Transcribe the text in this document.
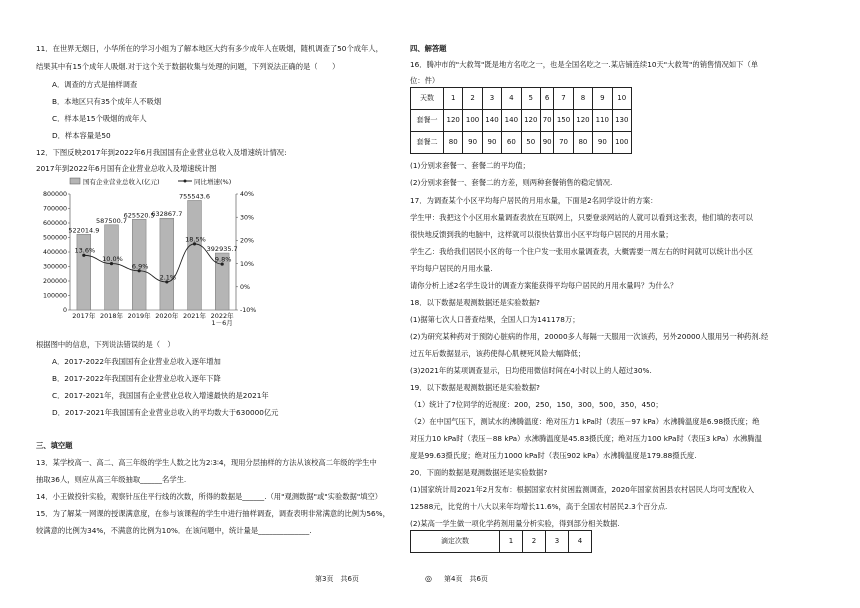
11．在世界无烟日，小华所在的学习小组为了解本地区大约有多少成年人在吸烟，随机调查了50个成年人，
结果其中有15个成年人吸烟.对于这个关于数据收集与处理的问题，下列说法正确的是（　　）
A．调查的方式是抽样调查
B．本地区只有35个成年人不吸烟
C．样本是15个吸烟的成年人
D．样本容量是50
12．下图反映2017年到2022年6月我国国有企业营业总收入及增速统计情况:
2017年到2022年6月国有企业营业总收入及增速统计图
国有企业营业总收入(亿元)	同比增速(%)
800000
700000
600000
500000
400000
300000
200000
100000
0
40%
30%
20%
10%
0%
-10%
522014.9
2017年
587500.7
2018年
625520.5
2019年
632867.7
2020年
755543.6
2021年
392935.7
2022年
1－6月
13.6%
10.0%
6.9%
2.1%
18.5%
9.8%
根据图中的信息，下列说法错误的是（　）
A．2017-2022年我国国有企业营业总收入逐年增加
B．2017-2022年我国国有企业营业总收入逐年下降
C．2017-2021年，我国国有企业营业总收入增速最快的是2021年
D．2017-2021年我国国有企业营业总收入的平均数大于630000亿元
三、填空题
13．某学校高一、高二、高三年级的学生人数之比为2∶3∶4，现用分层抽样的方法从该校高二年级的学生中
抽取36人，则应从高三年级抽取______名学生.
14．小王做投针实验，观察针压住平行线的次数，所得的数据是______.（用"观测数据"或"实验数据"填空）
15．为了解某一网课的授课满意度，在参与该课程的学生中进行抽样调查，调查表明非常满意的比例为56%，
较满意的比例为34%，不满意的比例为10%．在该问题中，统计量是______________.
第3页　共6页
四、解答题
16．腾冲市的"大救驾"既是地方名吃之一，也是全国名吃之一.某店铺连续10天"大救驾"的销售情况如下（单
位：件）
天数	1	2	3	4	5	6	7	8	9	10
套餐一	120	100	140	140	120	70	150	120	110	130
套餐二	80	90	90	60	50	90	70	80	90	100
(1)分别求套餐一、套餐二的平均值；
(2)分别求套餐一、套餐二的方差，则两种套餐销售的稳定情况.
17．为调查某个小区平均每户居民的月用水量，下面是2名同学设计的方案：
学生甲：我把这个小区用水量调查表放在互联网上，只要登录网站的人就可以看到这张表，他们填的表可以
很快地反馈到我的电脑中，这样就可以很快估算出小区平均每户居民的月用水量；
学生乙：我给我们居民小区的每一个住户发一张用水量调查表，大概需要一周左右的时间就可以统计出小区
平均每户居民的月用水量.
请你分析上述2名学生设计的调查方案能获得平均每户居民的月用水量吗？为什么？
18．以下数据是观测数据还是实验数据?
(1)据第七次人口普查结果，全国人口为141178万；
(2)为研究某种药对于预防心脏病的作用，20000多人每隔一天服用一次该药，另外20000人服用另一种药剂.经
过五年后数据显示，该药使得心肌梗死风险大幅降低；
(3)2021年的某项调查显示，日均使用微信时间在4小时以上的人超过30%.
19．以下数据是观测数据还是实验数据?
（1）统计了7位同学的近视度：200，250，150，300，500，350，450；
（2）在中国气压下，测试水的沸腾温度：绝对压力1 kPa时（表压－97 kPa）水沸腾温度是6.98摄氏度；绝
对压力10 kPa时（表压－88 kPa）水沸腾温度是45.83摄氏度；绝对压力100 kPa时（表压3 kPa）水沸腾温
度是99.63摄氏度；绝对压力1000 kPa时（表压902 kPa）水沸腾温度是179.88摄氏度.
20．下面的数据是观测数据还是实验数据?
(1)国家统计局2021年2月发布：根据国家农村贫困监测调查，2020年国家贫困县农村居民人均可支配收入
12588元，比党的十八大以来年均增长11.6%，高于全国农村居民2.3个百分点.
(2)某高一学生做一项化学药剂用量分析实验，得到部分相关数据.
滴定次数	1	2	3	4
第4页　共6页
◎
